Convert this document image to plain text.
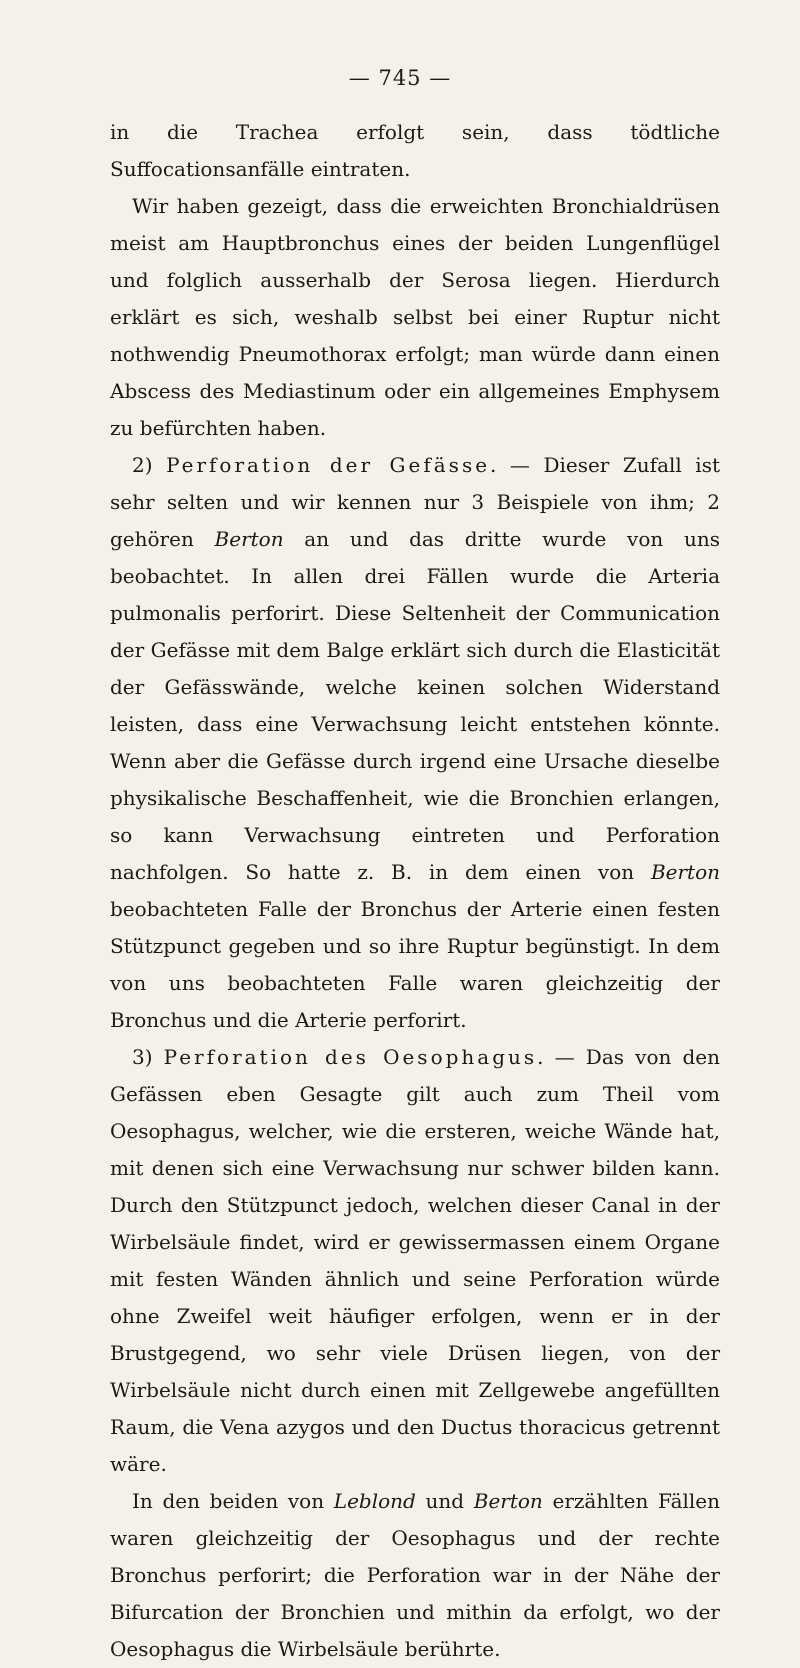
— 745 —

in die Trachea erfolgt sein, dass tödtliche Suffocationsanfälle eintraten.

Wir haben gezeigt, dass die erweichten Bronchialdrüsen meist am Hauptbronchus eines der beiden Lungenflügel und folglich ausserhalb der Serosa liegen. Hierdurch erklärt es sich, weshalb selbst bei einer Ruptur nicht nothwendig Pneumothorax erfolgt; man würde dann einen Abscess des Mediastinum oder ein allgemeines Emphysem zu befürchten haben.

2) Perforation der Gefässe. — Dieser Zufall ist sehr selten und wir kennen nur 3 Beispiele von ihm; 2 gehören Berton an und das dritte wurde von uns beobachtet. In allen drei Fällen wurde die Arteria pulmonalis perforirt. Diese Seltenheit der Communication der Gefässe mit dem Balge erklärt sich durch die Elasticität der Gefässwände, welche keinen solchen Widerstand leisten, dass eine Verwachsung leicht entstehen könnte. Wenn aber die Gefässe durch irgend eine Ursache dieselbe physikalische Beschaffenheit, wie die Bronchien erlangen, so kann Verwachsung eintreten und Perforation nachfolgen. So hatte z. B. in dem einen von Berton beobachteten Falle der Bronchus der Arterie einen festen Stützpunct gegeben und so ihre Ruptur begünstigt. In dem von uns beobachteten Falle waren gleichzeitig der Bronchus und die Arterie perforirt.

3) Perforation des Oesophagus. — Das von den Gefässen eben Gesagte gilt auch zum Theil vom Oesophagus, welcher, wie die ersteren, weiche Wände hat, mit denen sich eine Verwachsung nur schwer bilden kann. Durch den Stützpunct jedoch, welchen dieser Canal in der Wirbelsäule findet, wird er gewissermassen einem Organe mit festen Wänden ähnlich und seine Perforation würde ohne Zweifel weit häufiger erfolgen, wenn er in der Brustgegend, wo sehr viele Drüsen liegen, von der Wirbelsäule nicht durch einen mit Zellgewebe angefüllten Raum, die Vena azygos und den Ductus thoracicus getrennt wäre.

In den beiden von Leblond und Berton erzählten Fällen waren gleichzeitig der Oesophagus und der rechte Bronchus perforirt; die Perforation war in der Nähe der Bifurcation der Bronchien und mithin da erfolgt, wo der Oesophagus die Wirbelsäule berührte.
